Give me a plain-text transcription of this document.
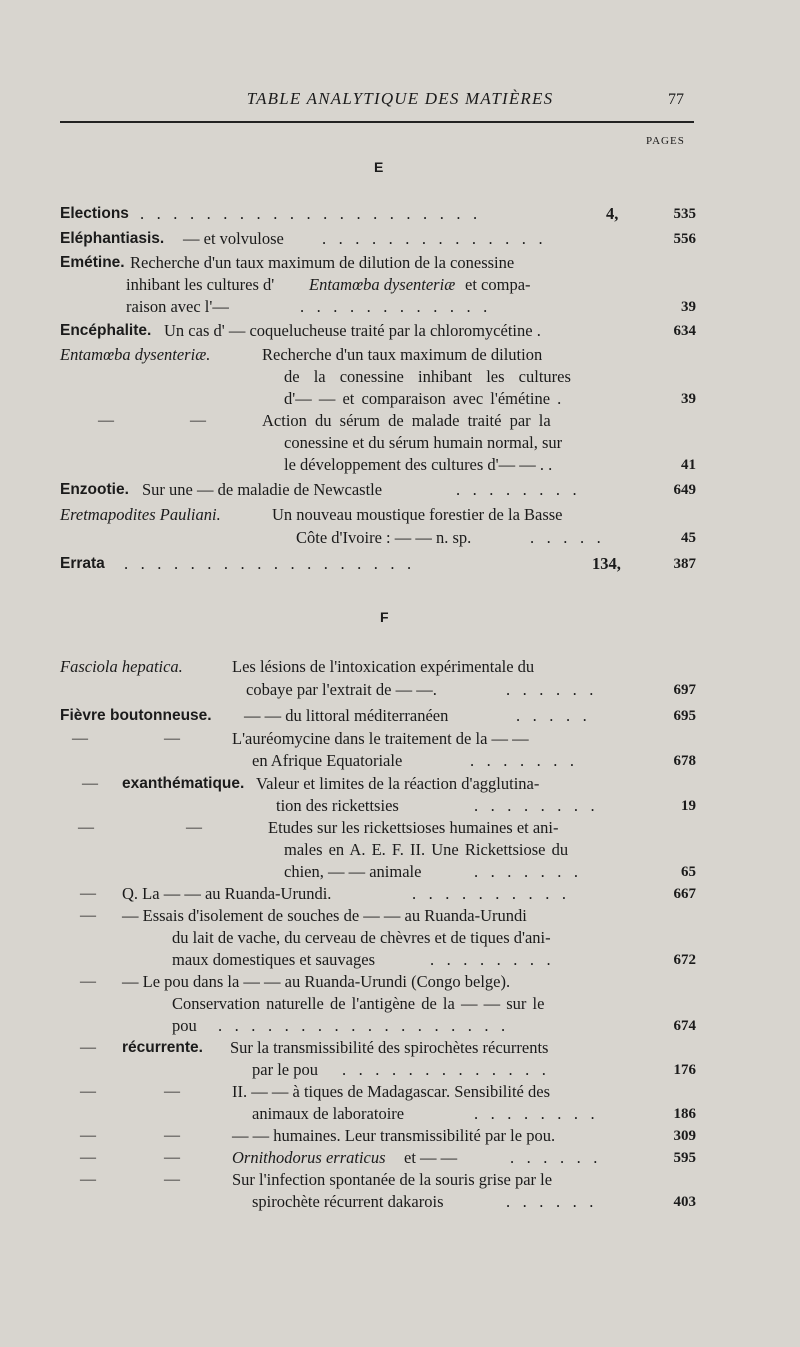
TABLE ANALYTIQUE DES MATIÈRES	77
PAGES
E
Elections . . . . . . . . . . . . . . . . . . . . .	4,	535
Eléphantiasis. — et volvulose . . . . . . . . . . . . . .	556
Emétine. Recherche d'un taux maximum de dilution de la conessine
inhibant les cultures d' Entamœba dysenteriæ et compa-
raison avec l'—	. . . . . . . . . . . .	39
Encéphalite. Un cas d' — coqueluchеuse traité par la chloromycétine .	634
Entamœba dysenteriæ.	Recherche d'un taux maximum de dilution
de la conessine inhibant les cultures
d'— — et comparaison avec l'émétine .	39
—	—	Action du sérum de malade traité par la
conessine et du sérum humain normal, sur
le développement des cultures d'— — . .	41
Enzootie. Sur une — de maladie de Newcastle	. . . . . . . .	649
Eretmapodites Pauliani.	Un nouveau moustique forestier de la Basse
Côte d'Ivoire : — — n. sp.	. . . . .	45
Errata . . . . . . . . . . . . . . . . . .	134,	387
F
Fasciola hepatica.	Les lésions de l'intoxication expérimentale du
cobaye par l'extrait de — —.	. . . . . .	697
Fièvre boutonneuse. — — du littoral méditerranéen	. . . . .	695
—	—	L'auréomycine dans le traitement de la — —
en Afrique Equatoriale	. . . . . . .	678
— exanthématique. Valeur et limites de la réaction d'agglutina-
tion des rickettsies	. . . . . . . .	19
—	—	Etudes sur les rickettsioses humaines et ani-
males en A. E. F. II. Une Rickettsiose du
chien, — — animale	. . . . . . .	65
— Q. La — — au Ruanda-Urundi.	. . . . . . . . . .	667
— — Essais d'isolement de souches de — — au Ruanda-Urundi
du lait de vache, du cerveau de chèvres et de tiques d'ani-
maux domestiques et sauvages	. . . . . . . .	672
— — Le pou dans la — — au Ruanda-Urundi (Congo belge).
Conservation naturelle de l'antigène de la — — sur le
pou . . . . . . . . . . . . . . . . . .	674
— récurrente. Sur la transmissibilité des spirochètes récurrents
par le pou . . . . . . . . . . . . .	176
—	—	II. — — à tiques de Madagascar. Sensibilité des
animaux de laboratoire	. . . . . . . .	186
—	—	— — humaines. Leur transmissibilité par le pou.	309
—	—	Ornithodorus erraticus et — —	. . . . . .	595
—	—	Sur l'infection spontanée de la souris grise par le
spirochète récurrent dakarois	. . . . . .	403
